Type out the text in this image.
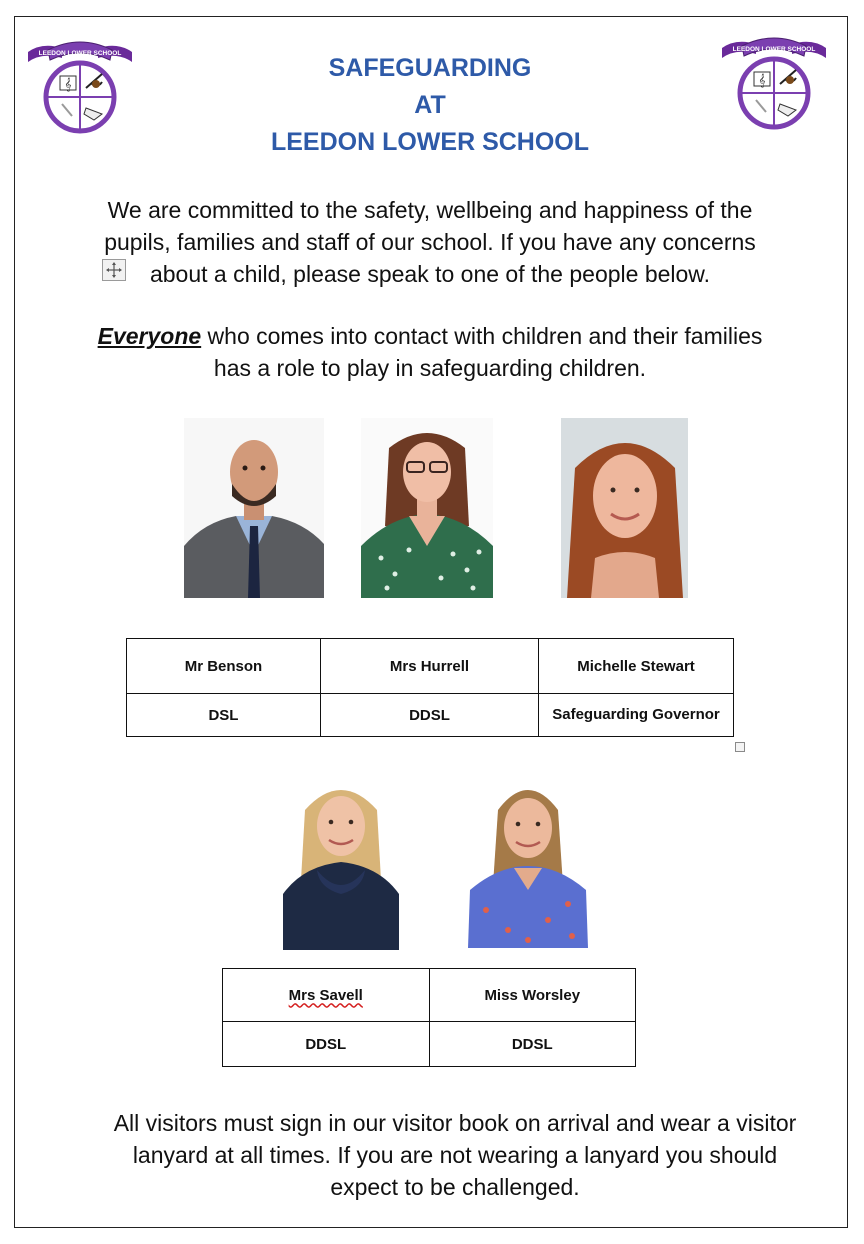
LEEDON LOWER SCHOOL
𝄞
LEEDON LOWER SCHOOL
𝄞
SAFEGUARDING
AT
LEEDON LOWER SCHOOL
We are committed to the safety, wellbeing and happiness of the
pupils, families and staff of our school. If you have any concerns
about a child, please speak to one of the people below.
Everyone who comes into contact with children and their families
has a role to play in safeguarding children.
Mr Benson	Mrs Hurrell	Michelle Stewart
DSL	DDSL	Safeguarding Governor
Mrs Savell	Miss Worsley
DDSL	DDSL
All visitors must sign in our visitor book on arrival and wear a visitor
lanyard at all times. If you are not wearing a lanyard you should
expect to be challenged.
